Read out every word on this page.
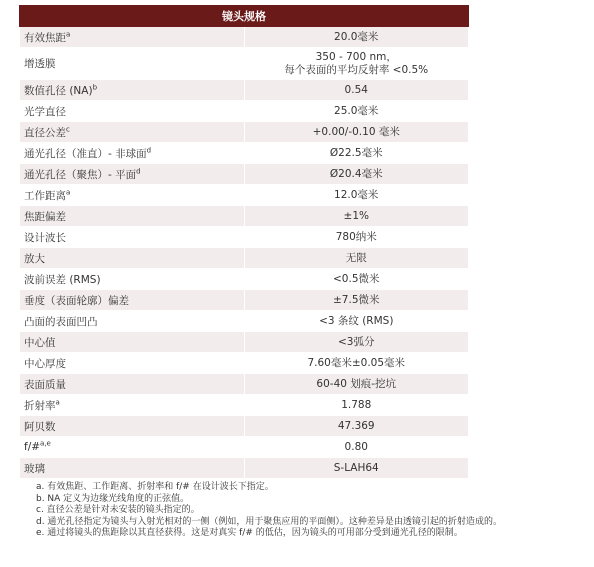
镜头规格	
有效焦距$^a$	20.0毫米

增透膜	350 - 700 nm，
每个表面的平均反射率 <0.5%

数值孔径 (NA)$^b$	0.54

光学直径	25.0毫米

直径公差$^c$	+0.00/-0.10 毫米

通光孔径（准直）- 非球面$^d$	Ø22.5毫米

通光孔径（聚焦）- 平面$^d$	Ø20.4毫米

工作距离$^a$	12.0毫米

焦距偏差	±1%

设计波长	780纳米

放大	无限

波前误差 (RMS)	<0.5微米

垂度（表面轮廓）偏差	±7.5微米

凸面的表面凹凸	<3 条纹 (RMS)

中心值	<3弧分

中心厚度	7.60毫米±0.05毫米

表面质量	60-40 划痕-挖坑

折射率$^a$	1.788

阿贝数	47.369

f/#$^{a,e}$	0.80

玻璃	S-LAH64
a. 有效焦距、工作距离、折射率和 f/# 在设计波长下指定。
b. NA 定义为边缘光线角度的正弦值。
c. 直径公差是针对未安装的镜头指定的。
d. 通光孔径指定为镜头与入射光相对的一侧（例如，用于聚焦应用的平面侧）。这种差异是由透镜引起的折射造成的。
e. 通过将镜头的焦距除以其直径获得。这是对真实 f/# 的低估，因为镜头的可用部分受到通光孔径的限制。
